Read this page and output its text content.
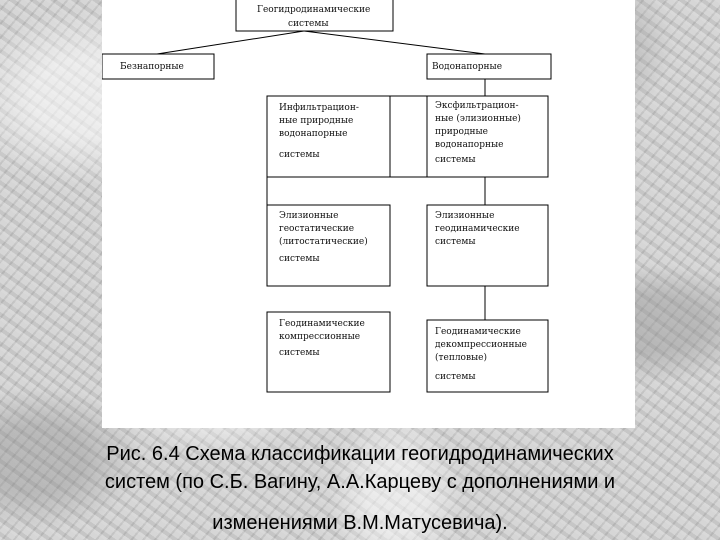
Геогидродинамические системы
Безнапорные	Водонапорные
Инфильтрацион- ные природные водонапорные системы
Эксфильтрацион- ные (элизионные) природные водонапорные системы
Элизионные геостатические (литостатические) системы
Элизионные геодинамические системы
Геодинамические компрессионные системы
Геодинамические декомпрессионные (тепловые) системы
Рис. 6.4 Схема классификации геогидродинамических
систем (по С.Б. Вагину, А.А.Карцеву с дополнениями и
изменениями В.М.Матусевича).
